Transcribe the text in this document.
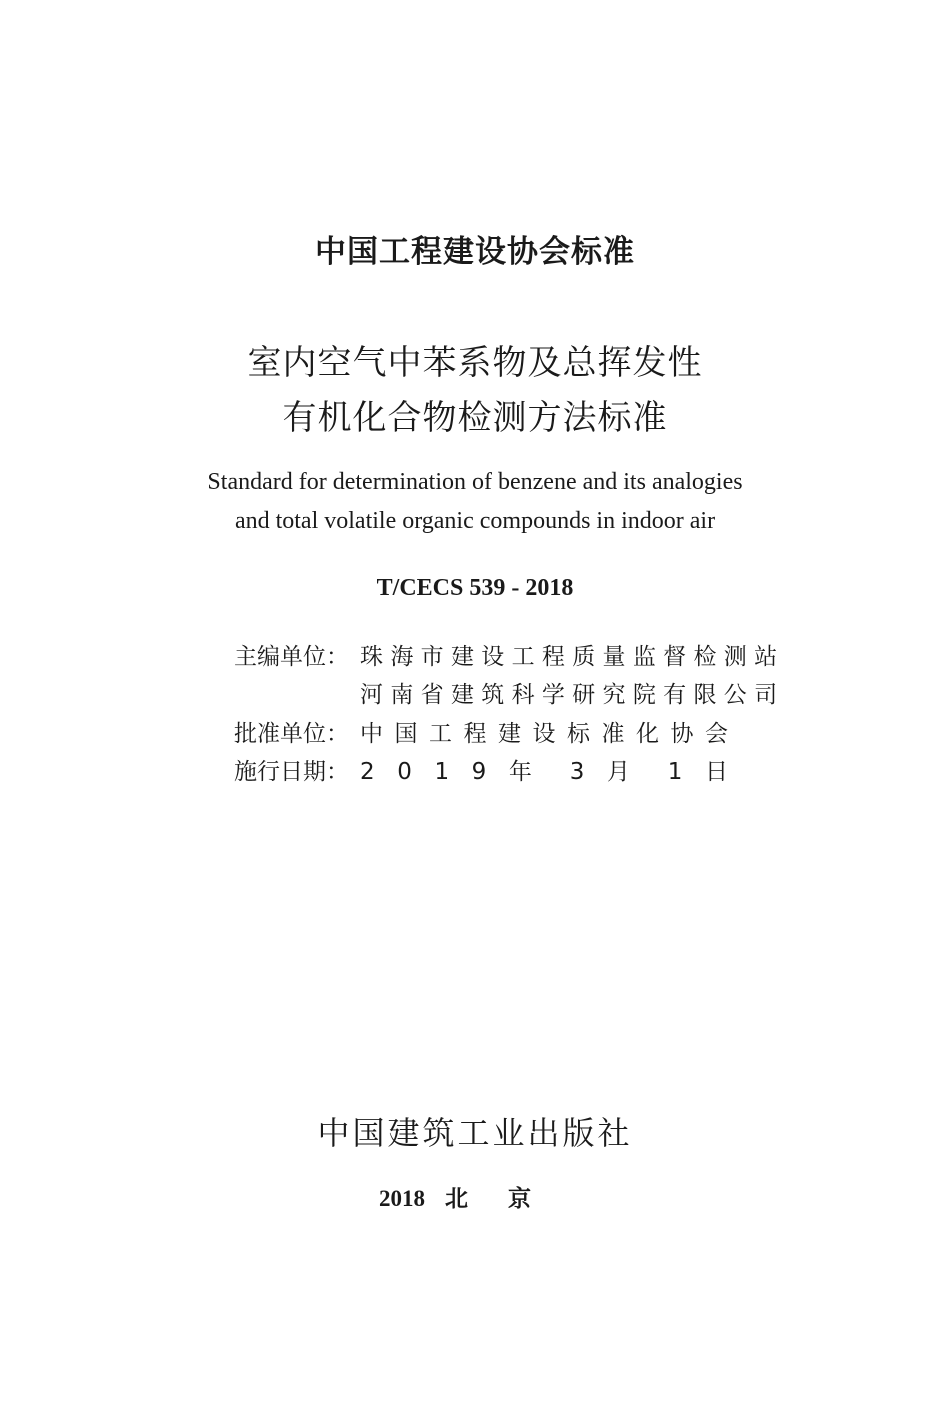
中国工程建设协会标准
室内空气中苯系物及总挥发性
有机化合物检测方法标准
Standard for determination of benzene and its analogies
and total volatile organic compounds in indoor air
T/CECS 539 - 2018
主编单位： 珠 海 市 建 设 工 程 质 量 监 督 检 测 站
河 南 省 建 筑 科 学 研 究 院 有 限 公 司
批准单位： 中 国 工 程 建 设 标 准 化 协 会
施行日期： 2 0 1 9 年 3 月 1 日
中国建筑工业出版社
2018 北京
